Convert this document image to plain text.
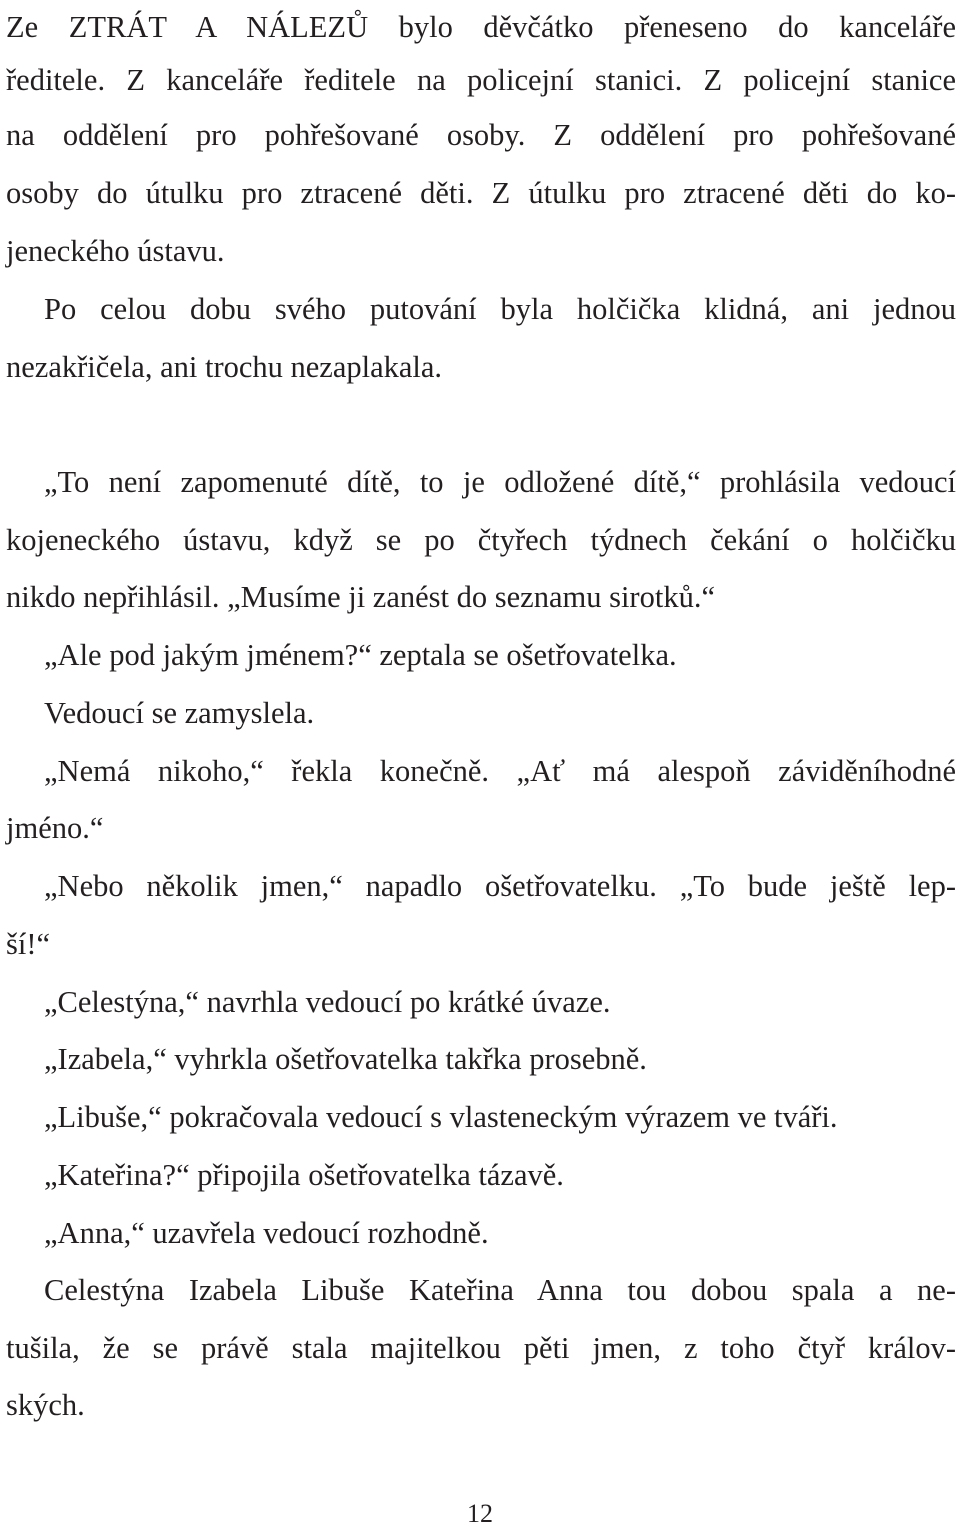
Ze ZTRÁT A NÁLEZŮ bylo děvčátko přeneseno do kanceláře

ředitele. Z kanceláře ředitele na policejní stanici. Z policejní stanice

na oddělení pro pohřešované osoby. Z oddělení pro pohřešované

osoby do útulku pro ztracené děti. Z útulku pro ztracené děti do ko-

jeneckého ústavu.

Po celou dobu svého putování byla holčička klidná, ani jednou

nezakřičela, ani trochu nezaplakala.

„To není zapomenuté dítě, to je odložené dítě,“ prohlásila vedoucí

kojeneckého ústavu, když se po čtyřech týdnech čekání o holčičku

nikdo nepřihlásil. „Musíme ji zanést do seznamu sirotků.“

„Ale pod jakým jménem?“ zeptala se ošetřovatelka.

Vedoucí se zamyslela.

„Nemá nikoho,“ řekla konečně. „Ať má alespoň záviděníhodné

jméno.“

„Nebo několik jmen,“ napadlo ošetřovatelku. „To bude ještě lep-

ší!“

„Celestýna,“ navrhla vedoucí po krátké úvaze.

„Izabela,“ vyhrkla ošetřovatelka takřka prosebně.

„Libuše,“ pokračovala vedoucí s vlasteneckým výrazem ve tváři.

„Kateřina?“ připojila ošetřovatelka tázavě.

„Anna,“ uzavřela vedoucí rozhodně.

Celestýna Izabela Libuše Kateřina Anna tou dobou spala a ne-

tušila, že se právě stala majitelkou pěti jmen, z toho čtyř králov-

ských.

12
